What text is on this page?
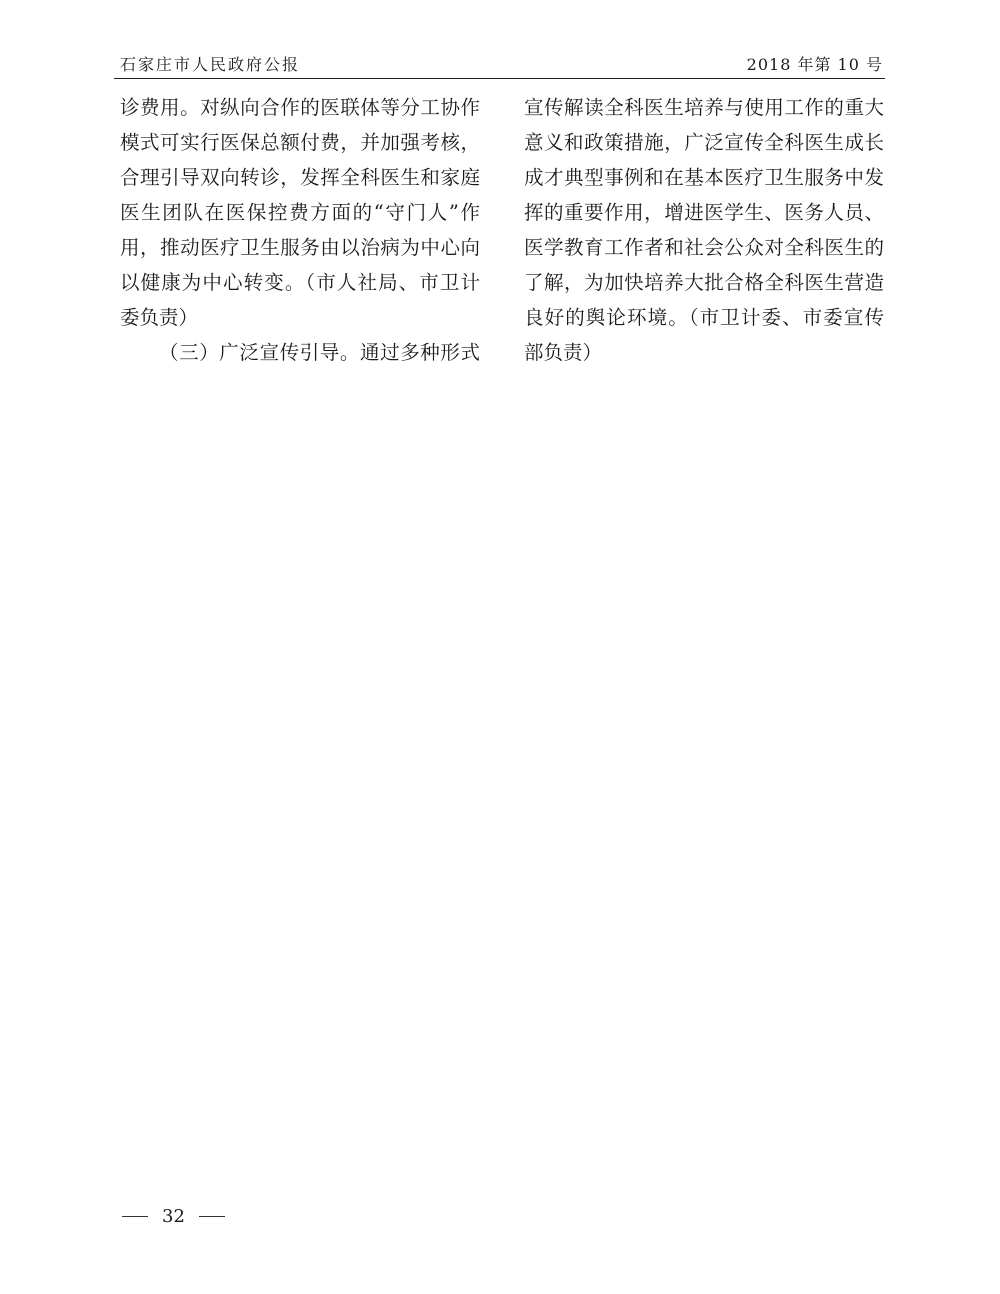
石家庄市人民政府公报	2018 年第 10 号
诊费用。对纵向合作的医联体等分工协作
模式可实行医保总额付费，并加强考核，
合理引导双向转诊，发挥全科医生和家庭
医生团队在医保控费方面的“守门人”作
用，推动医疗卫生服务由以治病为中心向
以健康为中心转变。（市人社局、市卫计
委负责）
（三）广泛宣传引导。通过多种形式
宣传解读全科医生培养与使用工作的重大
意义和政策措施，广泛宣传全科医生成长
成才典型事例和在基本医疗卫生服务中发
挥的重要作用，增进医学生、医务人员、
医学教育工作者和社会公众对全科医生的
了解，为加快培养大批合格全科医生营造
良好的舆论环境。（市卫计委、市委宣传
部负责）
32
